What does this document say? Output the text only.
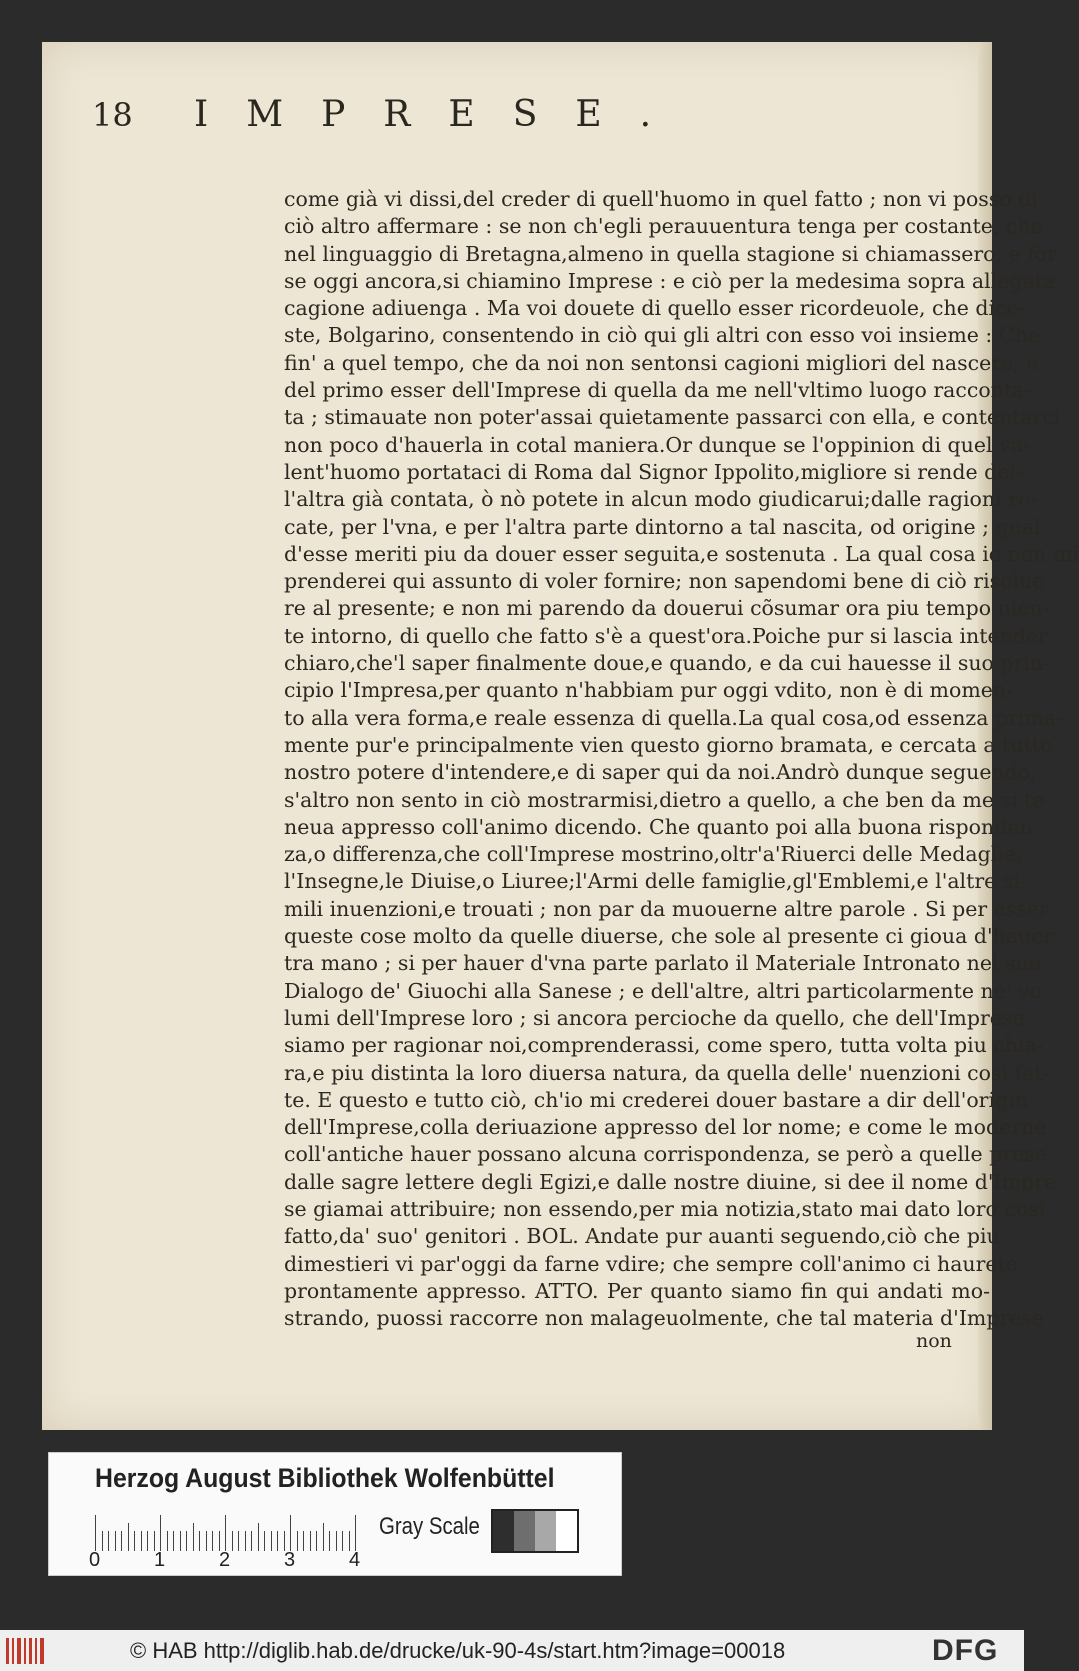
18 IMPRESE.
come già vi dissi,del creder di quell'huomo in quel fatto ; non vi posso di
ciò altro affermare : se non ch'egli perauuentura tenga per costante, che
nel linguaggio di Bretagna,almeno in quella stagione si chiamassero, e for
se oggi ancora,si chiamino Imprese : e ciò per la medesima sopra allegata
cagione adiuenga . Ma voi douete di quello esser ricordeuole, che dice-
ste, Bolgarino, consentendo in ciò qui gli altri con esso voi insieme : Che
fin' a quel tempo, che da noi non sentonsi cagioni migliori del nascere, e
del primo esser dell'Imprese di quella da me nell'vltimo luogo racconta-
ta ; stimauate non poter'assai quietamente passarci con ella, e contentarci
non poco d'hauerla in cotal maniera.Or dunque se l'oppinion di quel va-
lent'huomo portataci di Roma dal Signor Ippolito,migliore si rende del-
l'altra già contata, ò nò potete in alcun modo giudicarui;dalle ragioni re-
cate, per l'vna, e per l'altra parte dintorno a tal nascita, od origine ; qual
d'esse meriti piu da douer esser seguita,e sostenuta . La qual cosa io non mi
prenderei qui assunto di voler fornire; non sapendomi bene di ciò risolue
re al presente; e non mi parendo da douerui cõsumar ora piu tempo nien-
te intorno, di quello che fatto s'è a quest'ora.Poiche pur si lascia intender
chiaro,che'l saper finalmente doue,e quando, e da cui hauesse il suo prin-
cipio l'Impresa,per quanto n'habbiam pur oggi vdito, non è di momen-
to alla vera forma,e reale essenza di quella.La qual cosa,od essenza prima-
mente pur'e principalmente vien questo giorno bramata, e cercata a tutto
nostro potere d'intendere,e di saper qui da noi.Andrò dunque seguendo,
s'altro non sento in ciò mostrarmisi,dietro a quello, a che ben da me si te-
neua appresso coll'animo dicendo. Che quanto poi alla buona risponden
za,o differenza,che coll'Imprese mostrino,oltr'a'Riuerci delle Medaglie,
l'Insegne,le Diuise,o Liuree;l'Armi delle famiglie,gl'Emblemi,e l'altre si-
mili inuenzioni,e trouati ; non par da muouerne altre parole . Si per esser
queste cose molto da quelle diuerse, che sole al presente ci gioua d'hauer
tra mano ; si per hauer d'vna parte parlato il Materiale Intronato nel suo
Dialogo de' Giuochi alla Sanese ; e dell'altre, altri particolarmente ne' vo
lumi dell'Imprese loro ; si ancora percioche da quello, che dell'Imprese
siamo per ragionar noi,comprenderassi, come spero, tutta volta piu chia-
ra,e piu distinta la loro diuersa natura, da quella delle' nuenzioni cosi fat-
te. E questo e tutto ciò, ch'io mi crederei douer bastare a dir dell'origin
dell'Imprese,colla deriuazione appresso del lor nome; e come le moderne
coll'antiche hauer possano alcuna corrispondenza, se però a quelle prese
dalle sagre lettere degli Egizi,e dalle nostre diuine, si dee il nome d'Impre
se giamai attribuire; non essendo,per mia notizia,stato mai dato loro cosi
fatto,da' suo' genitori . BOL. Andate pur auanti seguendo,ciò che piu
dimestieri vi par'oggi da farne vdire; che sempre coll'animo ci haurete
prontamente appresso. ATTO. Per quanto siamo fin qui andati mo-
strando, puossi raccorre non malageuolmente, che tal materia d'Imprese
non
Herzog August Bibliothek Wolfenbüttel
0	1	2	3	4
Gray Scale
© HAB http://diglib.hab.de/drucke/uk-90-4s/start.htm?image=00018	DFG
